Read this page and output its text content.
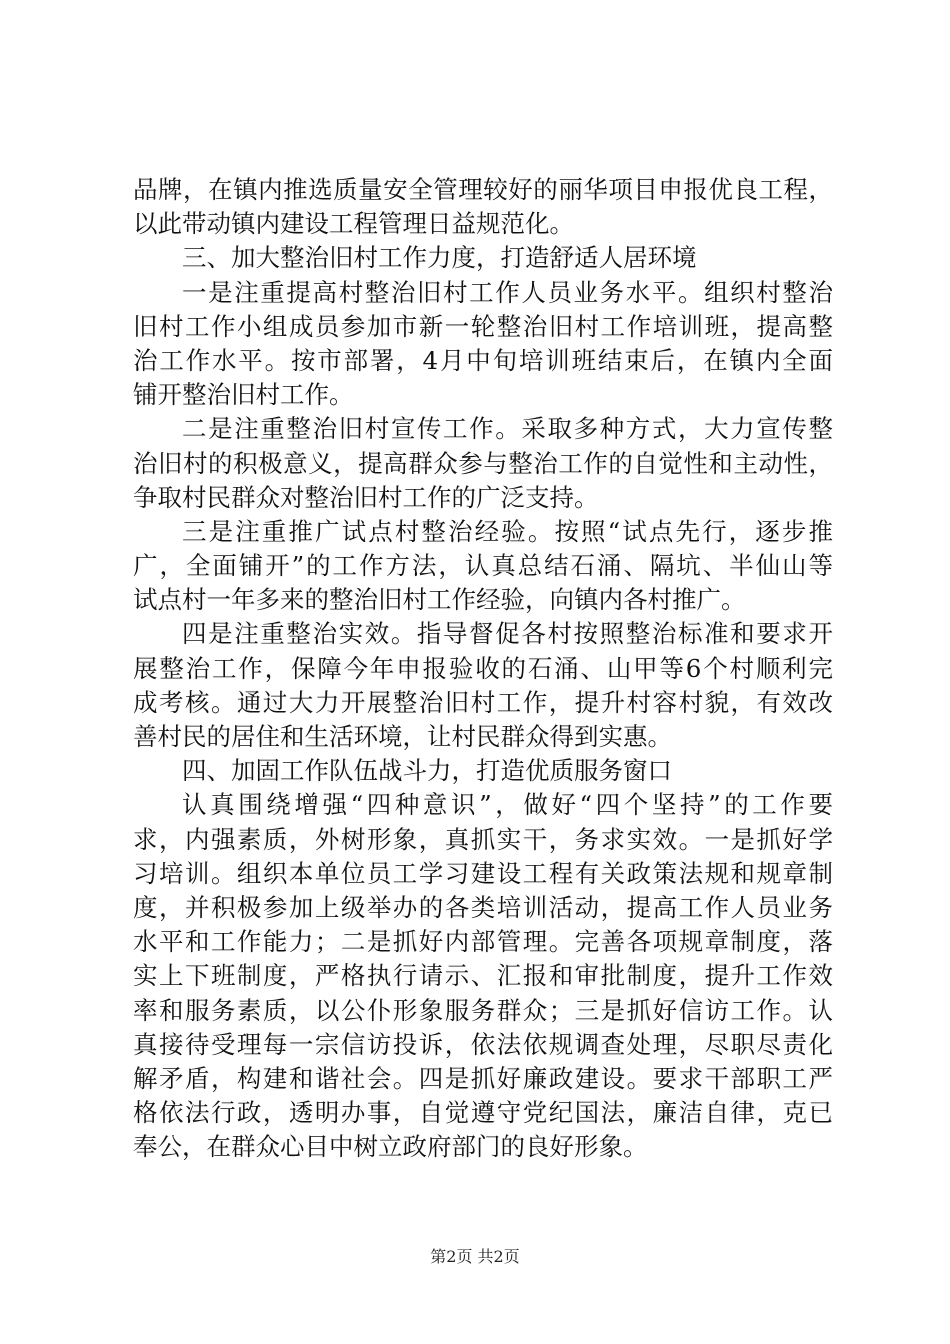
品牌，在镇内推选质量安全管理较好的丽华项目申报优良工程，
以此带动镇内建设工程管理日益规范化。
三、加大整治旧村工作力度，打造舒适人居环境
一是注重提高村整治旧村工作人员业务水平。组织村整治
旧村工作小组成员参加市新一轮整治旧村工作培训班，提高整
治工作水平。按市部署，4月中旬培训班结束后，在镇内全面
铺开整治旧村工作。
二是注重整治旧村宣传工作。采取多种方式，大力宣传整
治旧村的积极意义，提高群众参与整治工作的自觉性和主动性，
争取村民群众对整治旧村工作的广泛支持。
三是注重推广试点村整治经验。按照“试点先行，逐步推
广，全面铺开”的工作方法，认真总结石涌、隔坑、半仙山等
试点村一年多来的整治旧村工作经验，向镇内各村推广。
四是注重整治实效。指导督促各村按照整治标准和要求开
展整治工作，保障今年申报验收的石涌、山甲等6个村顺利完
成考核。通过大力开展整治旧村工作，提升村容村貌，有效改
善村民的居住和生活环境，让村民群众得到实惠。
四、加固工作队伍战斗力，打造优质服务窗口
认真围绕增强“四种意识”，做好“四个坚持”的工作要
求，内强素质，外树形象，真抓实干，务求实效。一是抓好学
习培训。组织本单位员工学习建设工程有关政策法规和规章制
度，并积极参加上级举办的各类培训活动，提高工作人员业务
水平和工作能力；二是抓好内部管理。完善各项规章制度，落
实上下班制度，严格执行请示、汇报和审批制度，提升工作效
率和服务素质，以公仆形象服务群众；三是抓好信访工作。认
真接待受理每一宗信访投诉，依法依规调查处理，尽职尽责化
解矛盾，构建和谐社会。四是抓好廉政建设。要求干部职工严
格依法行政，透明办事，自觉遵守党纪国法，廉洁自律，克已
奉公，在群众心目中树立政府部门的良好形象。
第2页 共2页
